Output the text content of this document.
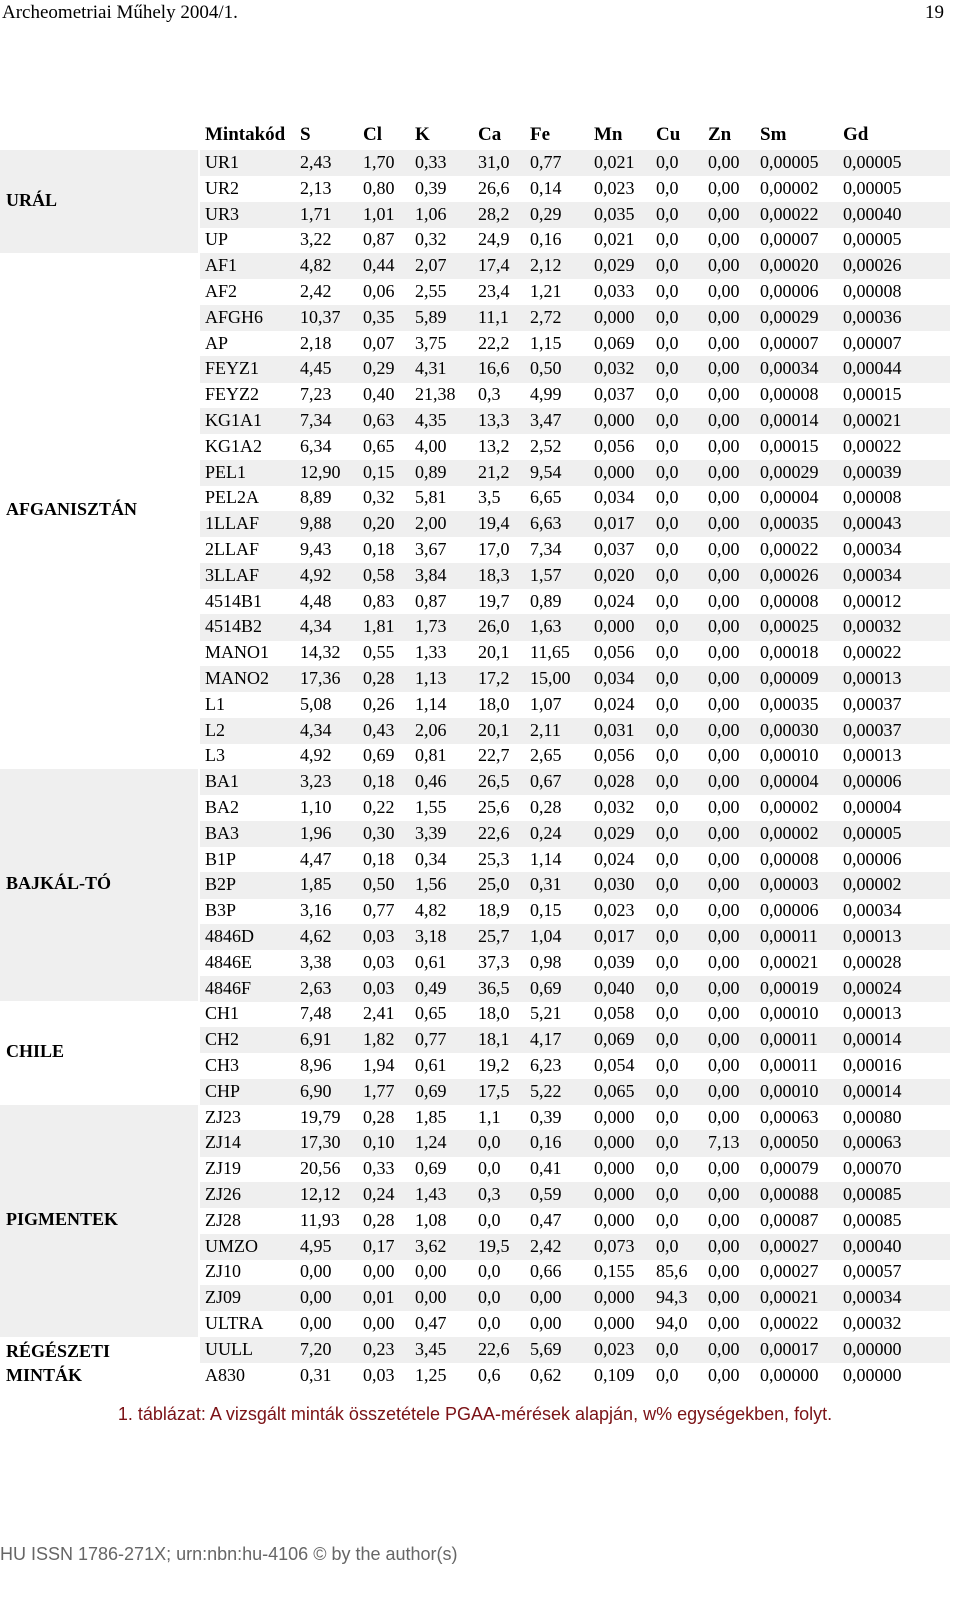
Archeometriai Műhely 2004/1.	19
Mintakód S	Cl K	Ca Fe Mn Cu Zn Sm	Gd
UR1	2,43 1,70 0,33 31,0 0,77 0,021 0,0 0,00 0,00005 0,00005
UR2	2,13 0,80 0,39 26,6 0,14 0,023 0,0 0,00 0,00002 0,00005
UR3	1,71 1,01 1,06 28,2 0,29 0,035 0,0 0,00 0,00022 0,00040
UP	3,22 0,87 0,32 24,9 0,16 0,021 0,0 0,00 0,00007 0,00005
URÁL
AF1	4,82 0,44 2,07 17,4 2,12 0,029 0,0 0,00 0,00020 0,00026
AF2	2,42 0,06 2,55 23,4 1,21 0,033 0,0 0,00 0,00006 0,00008
AFGH6 10,37 0,35 5,89 11,1 2,72 0,000 0,0 0,00 0,00029 0,00036
AP	2,18 0,07 3,75 22,2 1,15 0,069 0,0 0,00 0,00007 0,00007
FEYZ1 4,45 0,29 4,31 16,6 0,50 0,032 0,0 0,00 0,00034 0,00044
FEYZ2 7,23 0,40 21,38 0,3 4,99 0,037 0,0 0,00 0,00008 0,00015
KG1A1 7,34 0,63 4,35 13,3 3,47 0,000 0,0 0,00 0,00014 0,00021
KG1A2 6,34 0,65 4,00 13,2 2,52 0,056 0,0 0,00 0,00015 0,00022
PEL1	12,90 0,15 0,89 21,2 9,54 0,000 0,0 0,00 0,00029 0,00039
PEL2A 8,89 0,32 5,81 3,5 6,65 0,034 0,0 0,00 0,00004 0,00008
1LLAF 9,88 0,20 2,00 19,4 6,63 0,017 0,0 0,00 0,00035 0,00043
2LLAF 9,43 0,18 3,67 17,0 7,34 0,037 0,0 0,00 0,00022 0,00034
3LLAF 4,92 0,58 3,84 18,3 1,57 0,020 0,0 0,00 0,00026 0,00034
4514B1 4,48 0,83 0,87 19,7 0,89 0,024 0,0 0,00 0,00008 0,00012
4514B2 4,34 1,81 1,73 26,0 1,63 0,000 0,0 0,00 0,00025 0,00032
MANO1 14,32 0,55 1,33 20,1 11,65 0,056 0,0 0,00 0,00018 0,00022
MANO2 17,36 0,28 1,13 17,2 15,00 0,034 0,0 0,00 0,00009 0,00013
L1	5,08 0,26 1,14 18,0 1,07 0,024 0,0 0,00 0,00035 0,00037
L2	4,34 0,43 2,06 20,1 2,11 0,031 0,0 0,00 0,00030 0,00037
L3	4,92 0,69 0,81 22,7 2,65 0,056 0,0 0,00 0,00010 0,00013
AFGANISZTÁN
BA1	3,23 0,18 0,46 26,5 0,67 0,028 0,0 0,00 0,00004 0,00006
BA2	1,10 0,22 1,55 25,6 0,28 0,032 0,0 0,00 0,00002 0,00004
BA3	1,96 0,30 3,39 22,6 0,24 0,029 0,0 0,00 0,00002 0,00005
B1P	4,47 0,18 0,34 25,3 1,14 0,024 0,0 0,00 0,00008 0,00006
B2P	1,85 0,50 1,56 25,0 0,31 0,030 0,0 0,00 0,00003 0,00002
B3P	3,16 0,77 4,82 18,9 0,15 0,023 0,0 0,00 0,00006 0,00034
4846D	4,62 0,03 3,18 25,7 1,04 0,017 0,0 0,00 0,00011 0,00013
4846E	3,38 0,03 0,61 37,3 0,98 0,039 0,0 0,00 0,00021 0,00028
4846F	2,63 0,03 0,49 36,5 0,69 0,040 0,0 0,00 0,00019 0,00024
BAJKÁL-TÓ
CH1	7,48 2,41 0,65 18,0 5,21 0,058 0,0 0,00 0,00010 0,00013
CH2	6,91 1,82 0,77 18,1 4,17 0,069 0,0 0,00 0,00011 0,00014
CH3	8,96 1,94 0,61 19,2 6,23 0,054 0,0 0,00 0,00011 0,00016
CHP	6,90 1,77 0,69 17,5 5,22 0,065 0,0 0,00 0,00010 0,00014
CHILE
ZJ23	19,79 0,28 1,85 1,1 0,39 0,000 0,0 0,00 0,00063 0,00080
ZJ14	17,30 0,10 1,24 0,0 0,16 0,000 0,0 7,13 0,00050 0,00063
ZJ19	20,56 0,33 0,69 0,0 0,41 0,000 0,0 0,00 0,00079 0,00070
ZJ26	12,12 0,24 1,43 0,3 0,59 0,000 0,0 0,00 0,00088 0,00085
ZJ28	11,93 0,28 1,08 0,0 0,47 0,000 0,0 0,00 0,00087 0,00085
UMZO 4,95 0,17 3,62 19,5 2,42 0,073 0,0 0,00 0,00027 0,00040
ZJ10	0,00 0,00 0,00 0,0 0,66 0,155 85,6 0,00 0,00027 0,00057
ZJ09	0,00 0,01 0,00 0,0 0,00 0,000 94,3 0,00 0,00021 0,00034
ULTRA 0,00 0,00 0,47 0,0 0,00 0,000 94,0 0,00 0,00022 0,00032
PIGMENTEK
UULL	7,20 0,23 3,45 22,6 5,69 0,023 0,0 0,00 0,00017 0,00000
A830	0,31 0,03 1,25 0,6 0,62 0,109 0,0 0,00 0,00000 0,00000
RÉGÉSZETI MINTÁK
1. táblázat: A vizsgált minták összetétele PGAA-mérések alapján, w% egységekben, folyt.
HU ISSN 1786-271X; urn:nbn:hu-4106 © by the author(s)
